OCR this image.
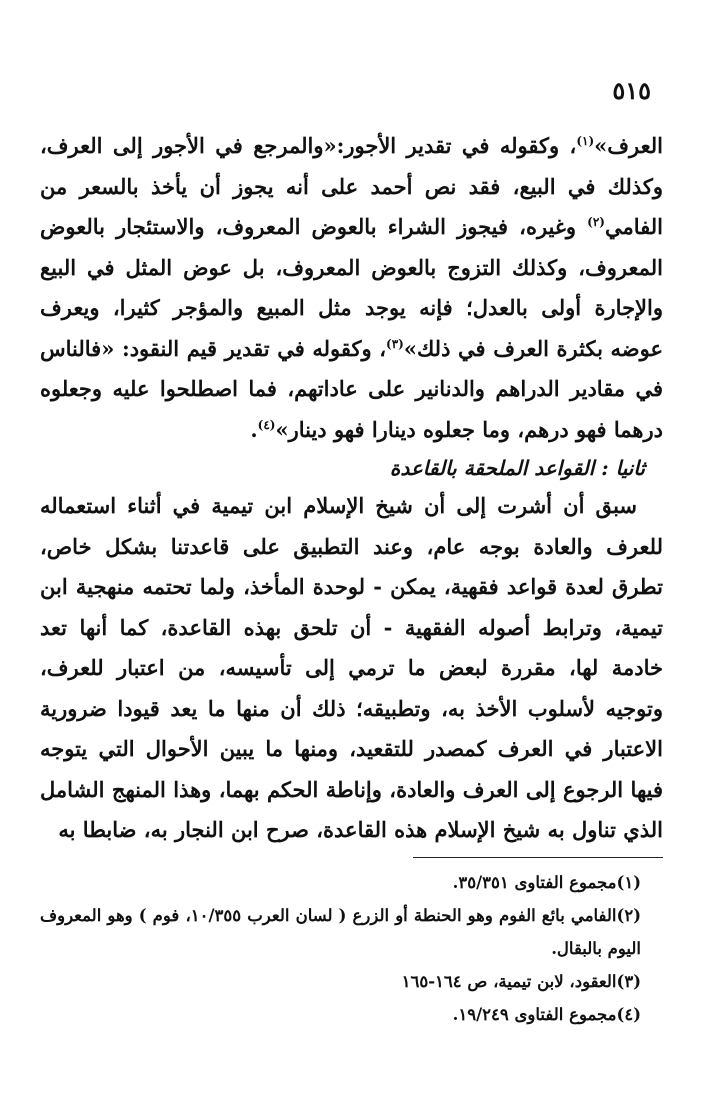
٥١٥

العرف»$^{(١)}$، وكقوله في تقدير الأجور:«والمرجع في الأجور إلى العرف، وكذلك في البيع، فقد نص أحمد على أنه يجوز أن يأخذ بالسعر من الفامي$^{(٢)}$ وغيره، فيجوز الشراء بالعوض المعروف، والاستئجار بالعوض المعروف، وكذلك التزوج بالعوض المعروف، بل عوض المثل في البيع والإجارة أولى بالعدل؛ فإنه يوجد مثل المبيع والمؤجر كثيرا، ويعرف عوضه بكثرة العرف في ذلك»$^{(٣)}$، وكقوله في تقدير قيم النقود: «فالناس في مقادير الدراهم والدنانير على عاداتهم، فما اصطلحوا عليه وجعلوه درهما فهو درهم، وما جعلوه دينارا فهو دينار»$^{(٤)}$.

ثانيا : القواعد الملحقة بالقاعدة

سبق أن أشرت إلى أن شيخ الإسلام ابن تيمية في أثناء استعماله للعرف والعادة بوجه عام، وعند التطبيق على قاعدتنا بشكل خاص، تطرق لعدة قواعد فقهية، يمكن - لوحدة المأخذ، ولما تحتمه منهجية ابن تيمية، وترابط أصوله الفقهية - أن تلحق بهذه القاعدة، كما أنها تعد خادمة لها، مقررة لبعض ما ترمي إلى تأسيسه، من اعتبار للعرف، وتوجيه لأسلوب الأخذ به، وتطبيقه؛ ذلك أن منها ما يعد قيودا ضرورية الاعتبار في العرف كمصدر للتقعيد، ومنها ما يبين الأحوال التي يتوجه فيها الرجوع إلى العرف والعادة، وإناطة الحكم بهما، وهذا المنهج الشامل الذي تناول به شيخ الإسلام هذه القاعدة، صرح ابن النجار به، ضابطا به

(١)مجموع الفتاوى ٣٥/٣٥١.

(٢)الفامي بائع الفوم وهو الحنطة أو الزرع ( لسان العرب ١٠/٣٥٥، فوم ) وهو المعروف اليوم بالبقال.

(٣)العقود، لابن تيمية، ص ١٦٤-١٦٥

(٤)مجموع الفتاوى ١٩/٢٤٩.
